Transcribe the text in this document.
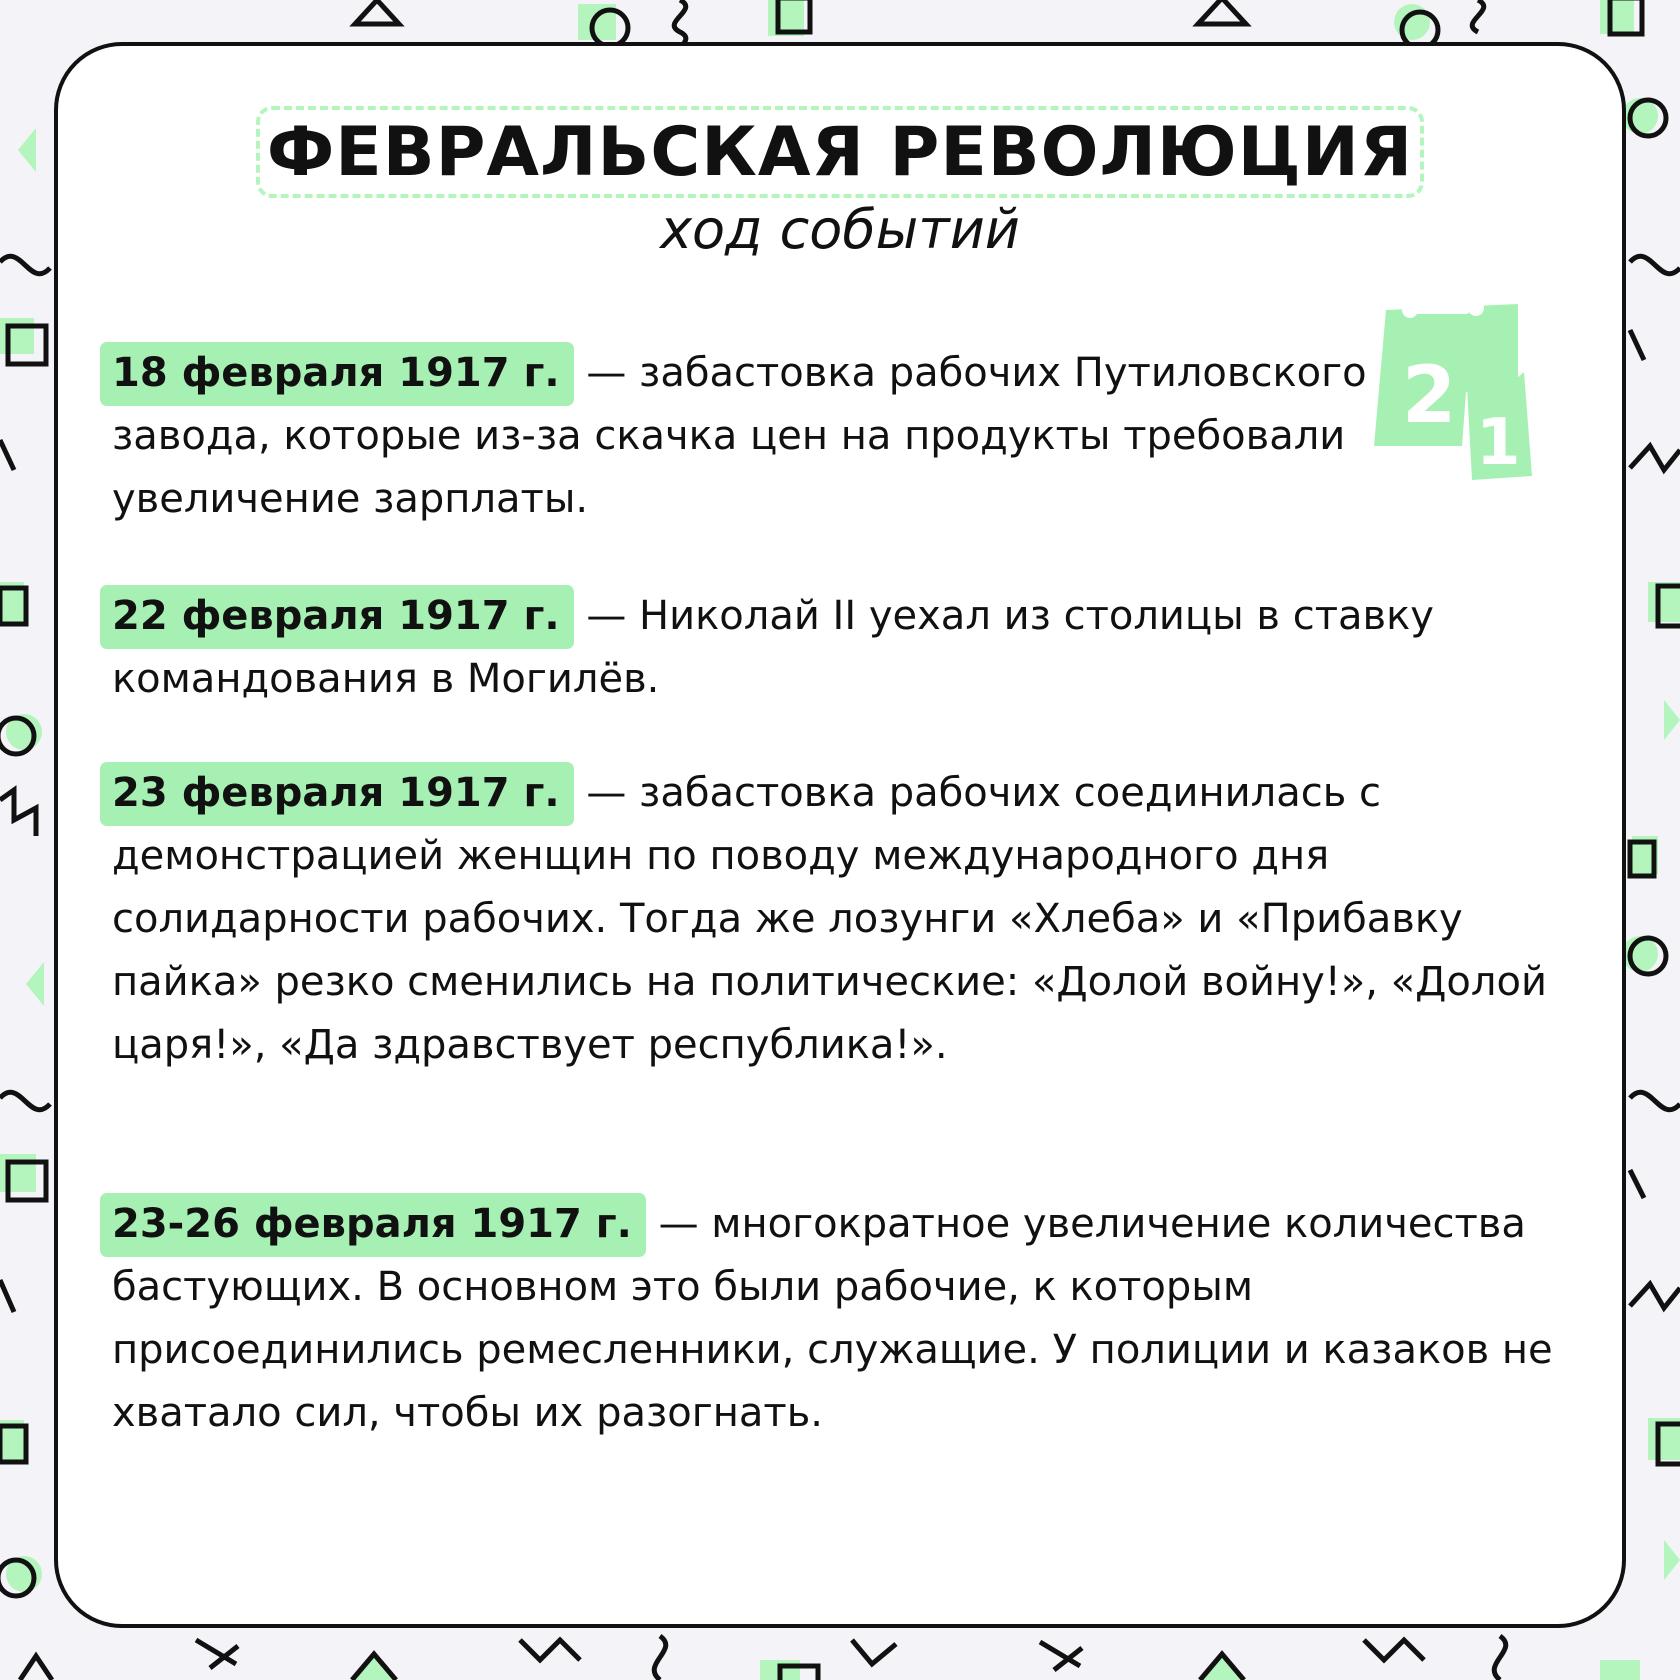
ФЕВРАЛЬСКАЯ РЕВОЛЮЦИЯ
ход событий
2
1
18 февраля 1917 г. — забастовка рабочих Путиловского завода, которые из-за скачка цен на продукты требовали увеличение зарплаты.
22 февраля 1917 г. — Николай II уехал из столицы в ставку командования в Могилёв.
23 февраля 1917 г. — забастовка рабочих соединилась с демонстрацией женщин по поводу международного дня солидарности рабочих. Тогда же лозунги «Хлеба» и «Прибавку пайка» резко сменились на политические: «Долой войну!», «Долой царя!», «Да здравствует республика!».
23-26 февраля 1917 г. — многократное увеличение количества бастующих. В основном это были рабочие, к которым присоединились ремесленники, служащие. У полиции и казаков не хватало сил, чтобы их разогнать.
